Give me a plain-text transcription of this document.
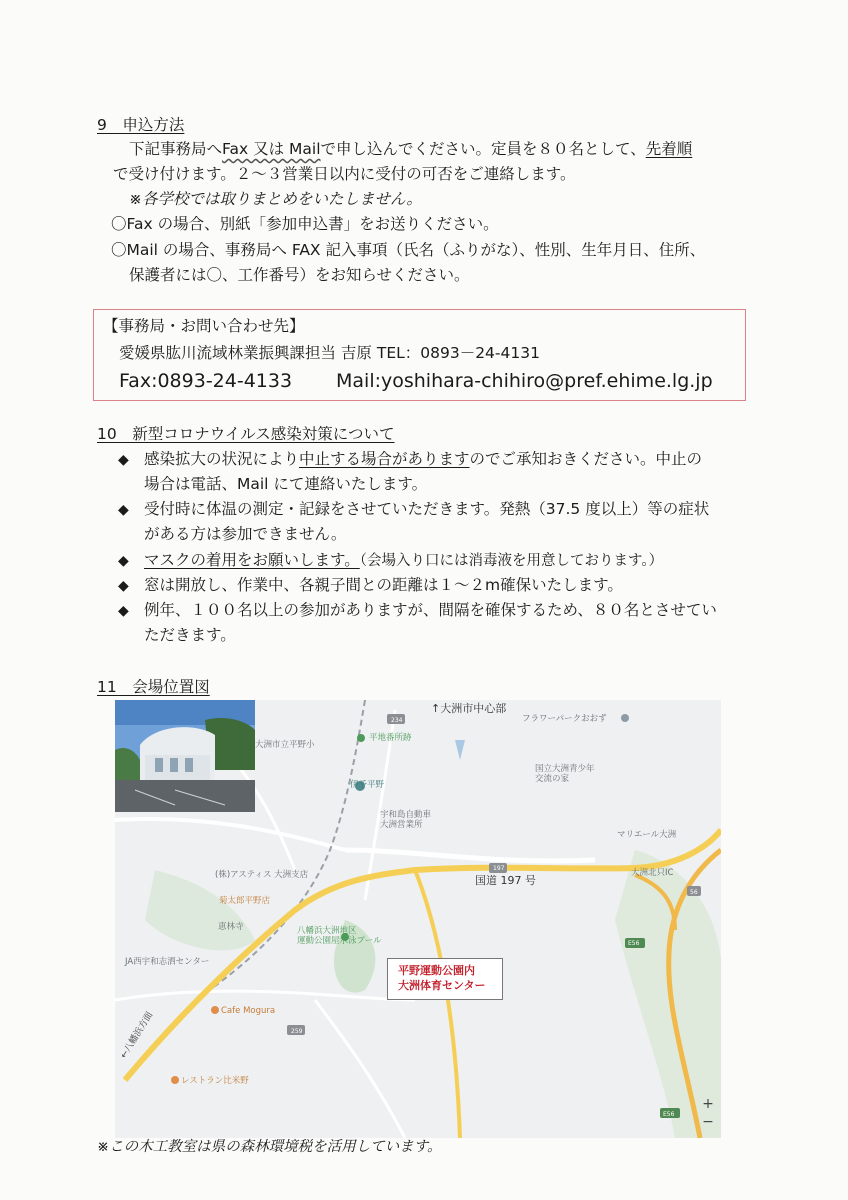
9　申込方法
下記事務局へFax 又は Mailで申し込んでください。定員を８０名として、先着順
で受け付けます。２～３営業日以内に受付の可否をご連絡します。
※各学校では取りまとめをいたしません。
〇Fax の場合、別紙「参加申込書」をお送りください。
〇Mail の場合、事務局へ FAX 記入事項（氏名（ふりがな）、性別、生年月日、住所、
保護者には〇、工作番号）をお知らせください。
【事務局・お問い合わせ先】
愛媛県肱川流域林業振興課担当 吉原 TEL：0893－24-4131
Fax:0893-24-4133 Mail:yoshihara-chihiro@pref.ehime.lg.jp
10　新型コロナウイルス感染対策について
◆ 感染拡大の状況により中止する場合がありますのでご承知おきください。中止の
場合は電話、Mail にて連絡いたします。
◆ 受付時に体温の測定・記録をさせていただきます。発熱（37.5 度以上）等の症状
がある方は参加できません。
◆ マスクの着用をお願いします。（会場入り口には消毒液を用意しております。）
◆ 窓は開放し、作業中、各親子間との距離は１～２m確保いたします。
◆ 例年、１００名以上の参加がありますが、間隔を確保するため、８０名とさせてい
ただきます。
11　会場位置図
↑大洲市中心部
フラワーパークおおず
234
大洲市立平野小
平地番所跡
伊予平野
国立大洲青少年
交流の家
宇和島自動車
大洲営業所
(株)アスティス 大洲支店
197
国道 197 号
マリエール大洲
大洲北只IC
56
菊太郎平野店
恵林寺	八幡浜大洲地区
運動公園屋水泳プール	E56
JA西宇和志洒センター
Cafe Mogura
259
レストラン比米野
←八幡浜方面
E56
平野運動公園内
大洲体育センター
+
−
※この木工教室は県の森林環境税を活用しています。
